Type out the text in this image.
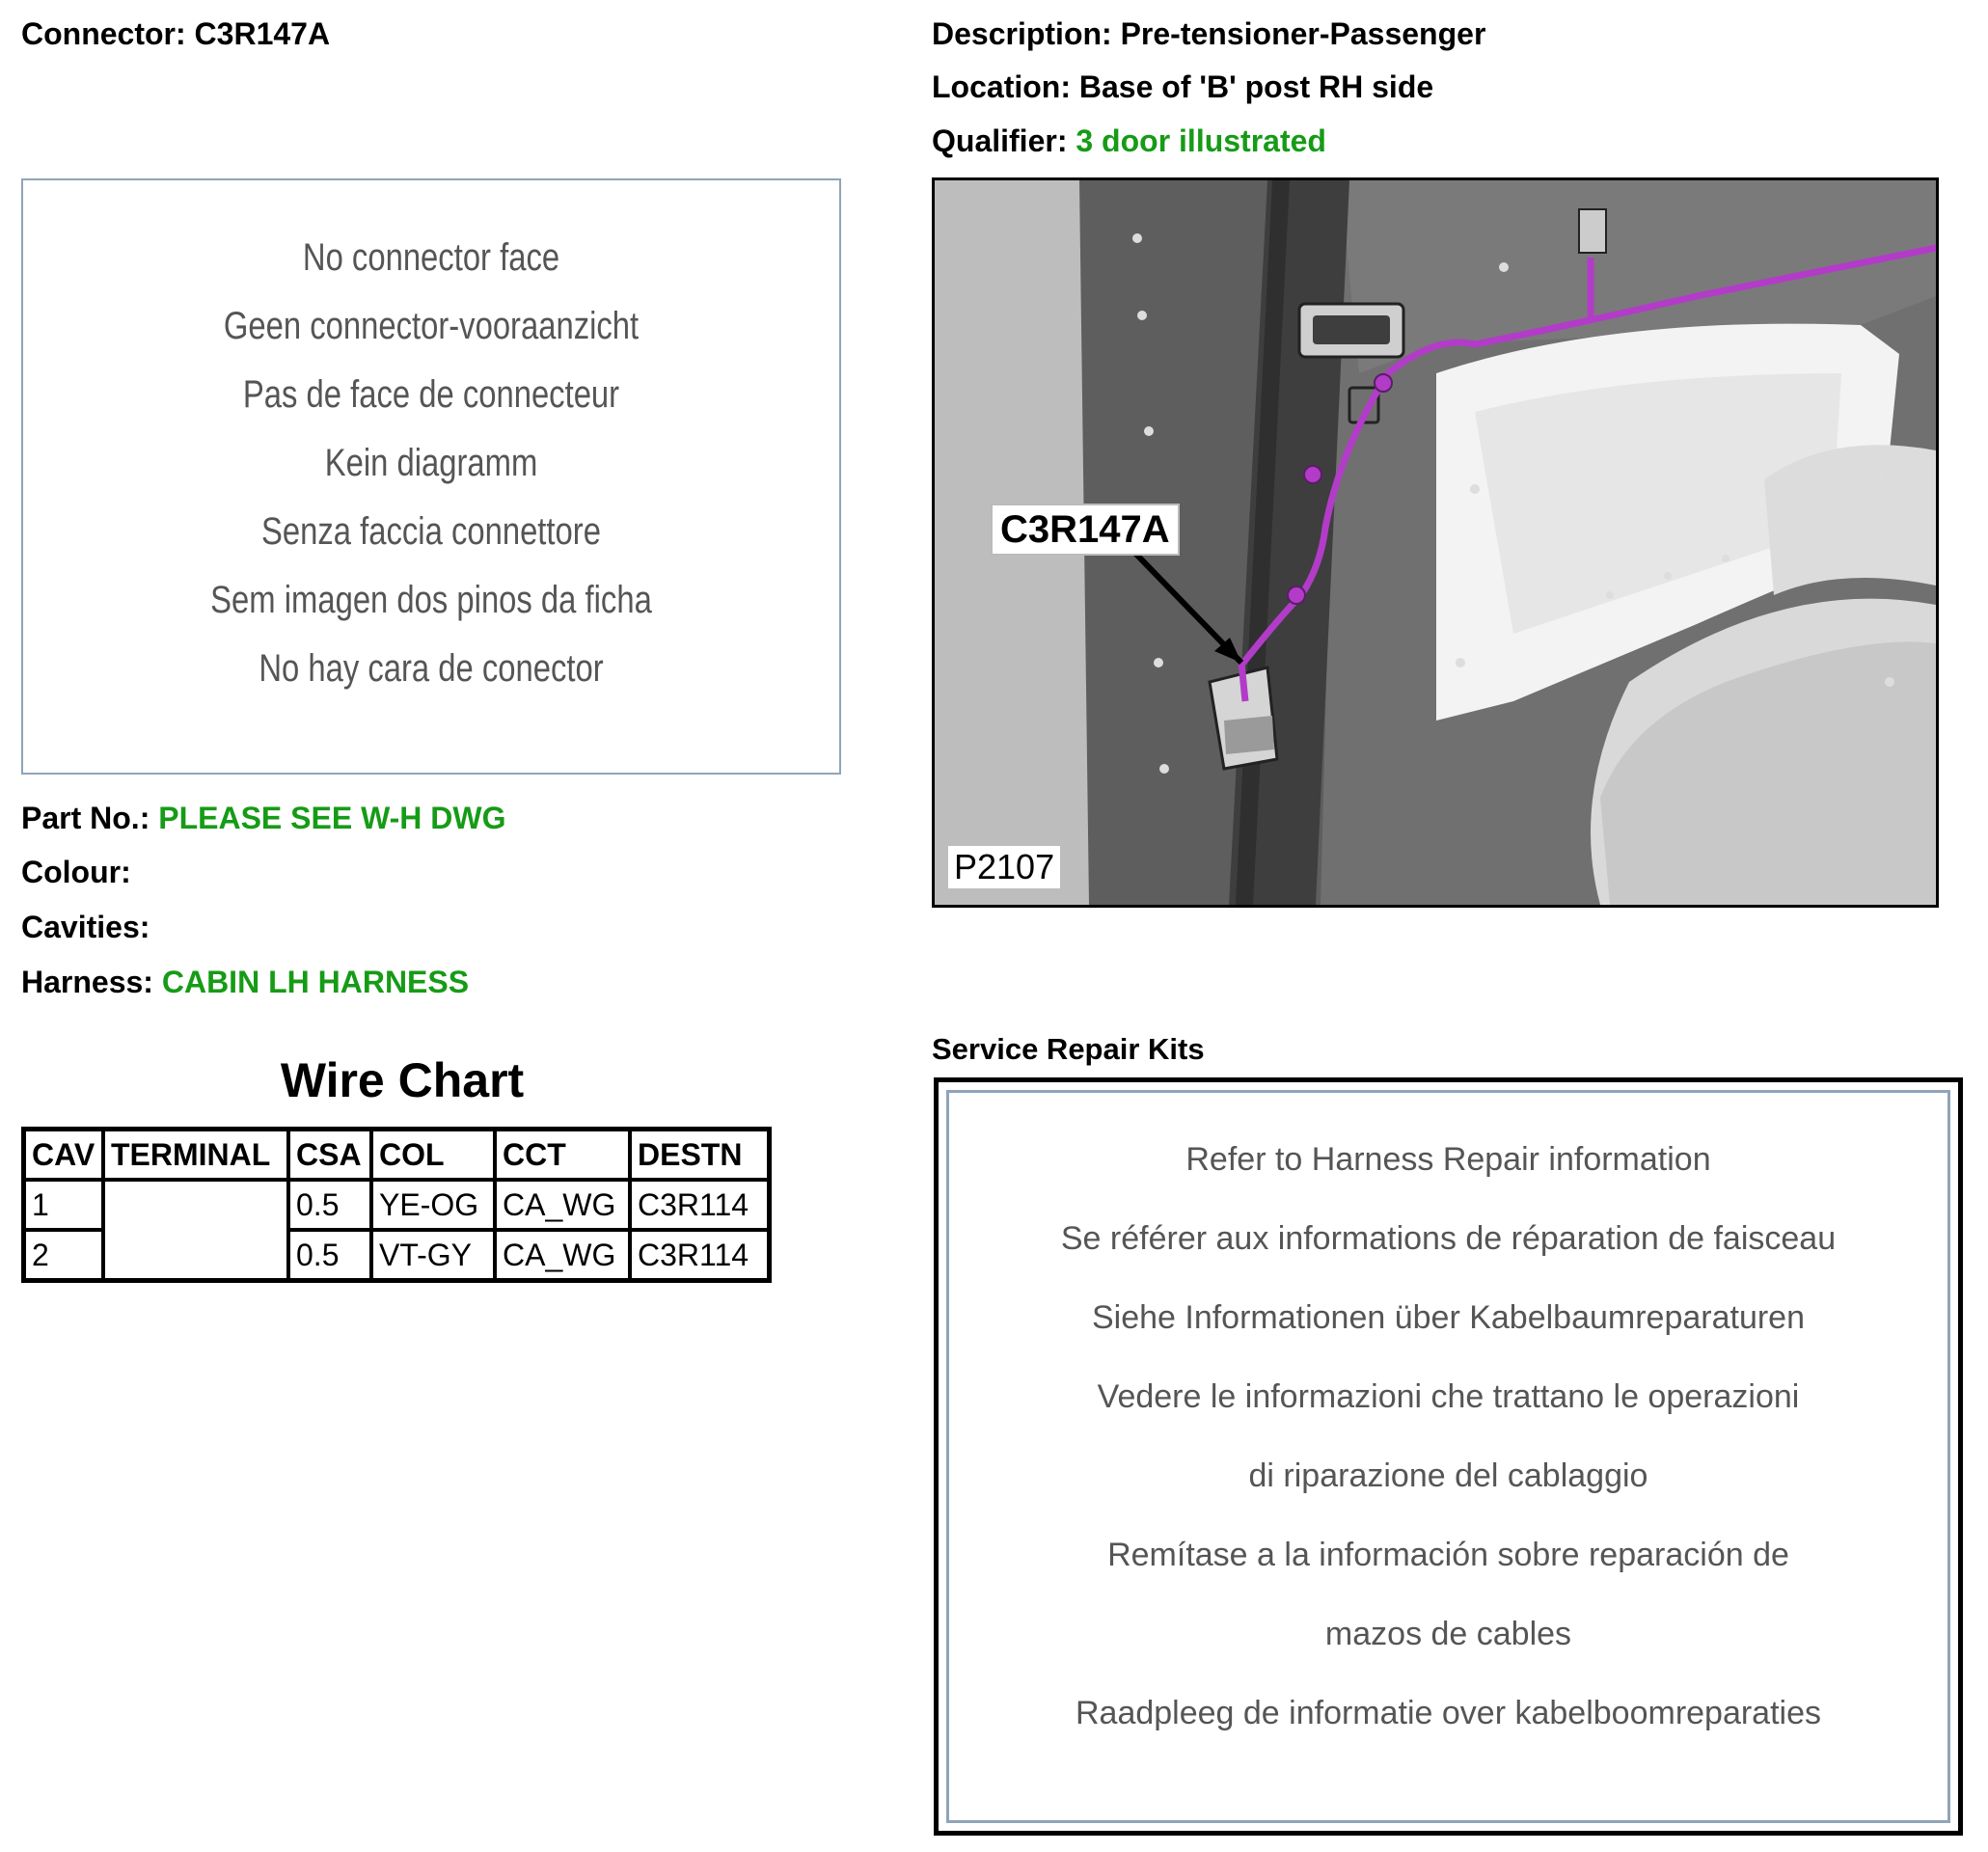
Connector: C3R147A	Description: Pre-tensioner-Passenger
Location: Base of 'B' post RH side
Qualifier: 3 door illustrated
No connector face
Geen connector-vooraanzicht
Pas de face de connecteur
Kein diagramm
Senza faccia connettore
Sem imagen dos pinos da ficha
No hay cara de conector
Part No.: PLEASE SEE W-H DWG
Colour:
Cavities:
Harness: CABIN LH HARNESS
Wire Chart
CAV	TERMINAL	CSA	COL	CCT	DESTN
1		0.5	YE-OG	CA_WG	C3R114
2		0.5	VT-GY	CA_WG	C3R114
C3R147A
P2107
Service Repair Kits
Refer to Harness Repair information
Se référer aux informations de réparation de faisceau
Siehe Informationen über Kabelbaumreparaturen
Vedere le informazioni che trattano le operazioni
di riparazione del cablaggio
Remítase a la información sobre reparación de
mazos de cables
Raadpleeg de informatie over kabelboomreparaties
